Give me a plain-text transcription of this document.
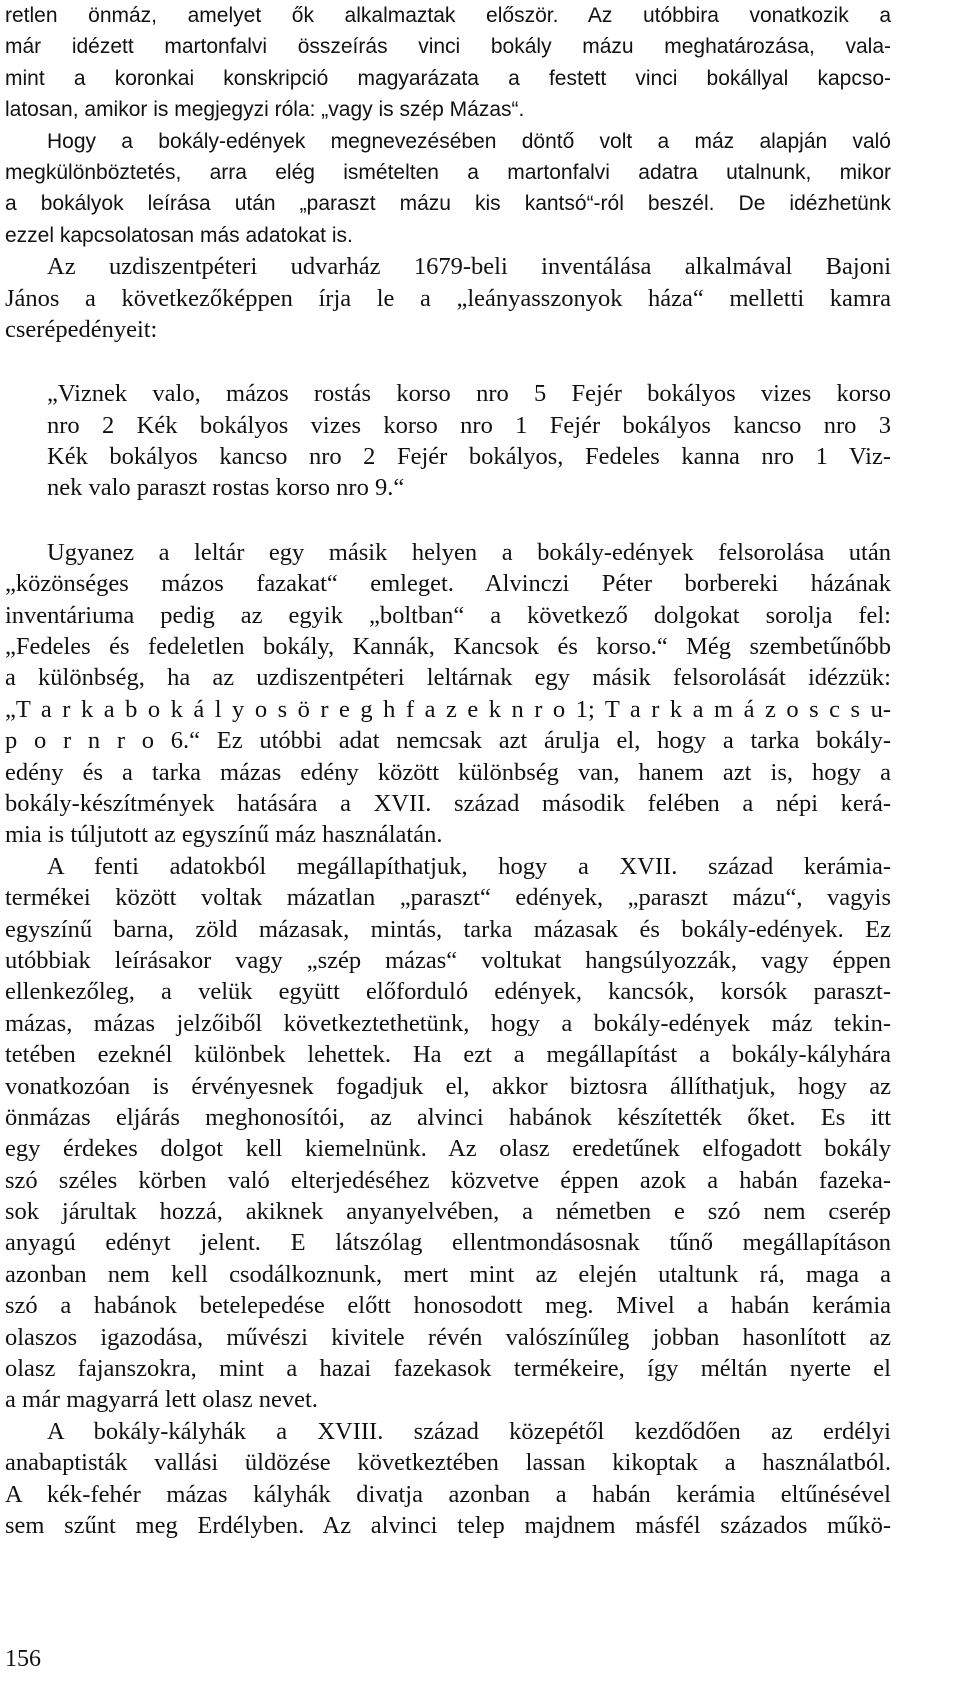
retlen önmáz, amelyet ők alkalmaztak először. Az utóbbira vonatkozik a
már idézett martonfalvi összeírás vinci bokály mázu meghatározása, vala-
mint a koronkai konskripció magyarázata a festett vinci bokállyal kapcso-
latosan, amikor is megjegyzi róla: „vagy is szép Mázas“.
Hogy a bokály-edények megnevezésében döntő volt a máz alapján való
megkülönböztetés, arra elég ismételten a martonfalvi adatra utalnunk, mikor
a bokályok leírása után „paraszt mázu kis kantsó“-ról beszél. De idézhetünk
ezzel kapcsolatosan más adatokat is.
Az uzdiszentpéteri udvarház 1679-beli inventálása alkalmával Bajoni
János a következőképpen írja le a „leányasszonyok háza“ melletti kamra
cserépedényeit:
„Viznek valo, mázos rostás korso nro 5 Fejér bokályos vizes korso
nro 2 Kék bokályos vizes korso nro 1 Fejér bokályos kancso nro 3
Kék bokályos kancso nro 2 Fejér bokályos, Fedeles kanna nro 1 Viz-
nek valo paraszt rostas korso nro 9.“
Ugyanez a leltár egy másik helyen a bokály-edények felsorolása után
„közönséges mázos fazakat“ emleget. Alvinczi Péter borbereki házának
inventáriuma pedig az egyik „boltban“ a következő dolgokat sorolja fel:
„Fedeles és fedeletlen bokály, Kannák, Kancsok és korso.“ Még szembetűnőbb
a különbség, ha az uzdiszentpéteri leltárnak egy másik felsorolását idézzük:
„T a r k a b o k á l y o s ö r e g h f a z e k n r o 1; T a r k a m á z o s c s u-
p o r n r o 6.“ Ez utóbbi adat nemcsak azt árulja el, hogy a tarka bokály-
edény és a tarka mázas edény között különbség van, hanem azt is, hogy a
bokály-készítmények hatására a XVII. század második felében a népi kerá-
mia is túljutott az egyszínű máz használatán.
A fenti adatokból megállapíthatjuk, hogy a XVII. század kerámia-
termékei között voltak mázatlan „paraszt“ edények, „paraszt mázu“, vagyis
egyszínű barna, zöld mázasak, mintás, tarka mázasak és bokály-edények. Ez
utóbbiak leírásakor vagy „szép mázas“ voltukat hangsúlyozzák, vagy éppen
ellenkezőleg, a velük együtt előforduló edények, kancsók, korsók paraszt-
mázas, mázas jelzőiből következtethetünk, hogy a bokály-edények máz tekin-
tetében ezeknél különbek lehettek. Ha ezt a megállapítást a bokály-kályhára
vonatkozóan is érvényesnek fogadjuk el, akkor biztosra állíthatjuk, hogy az
önmázas eljárás meghonosítói, az alvinci habánok készítették őket. Es itt
egy érdekes dolgot kell kiemelnünk. Az olasz eredetűnek elfogadott bokály
szó széles körben való elterjedéséhez közvetve éppen azok a habán fazeka-
sok járultak hozzá, akiknek anyanyelvében, a németben e szó nem cserép
anyagú edényt jelent. E látszólag ellentmondásosnak tűnő megállapításon
azonban nem kell csodálkoznunk, mert mint az elején utaltunk rá, maga a
szó a habánok betelepedése előtt honosodott meg. Mivel a habán kerámia
olaszos igazodása, művészi kivitele révén valószínűleg jobban hasonlított az
olasz fajanszokra, mint a hazai fazekasok termékeire, így méltán nyerte el
a már magyarrá lett olasz nevet.
A bokály-kályhák a XVIII. század közepétől kezdődően az erdélyi
anabaptisták vallási üldözése következtében lassan kikoptak a használatból.
A kék-fehér mázas kályhák divatja azonban a habán kerámia eltűnésével
sem szűnt meg Erdélyben. Az alvinci telep majdnem másfél százados műkö-
156
